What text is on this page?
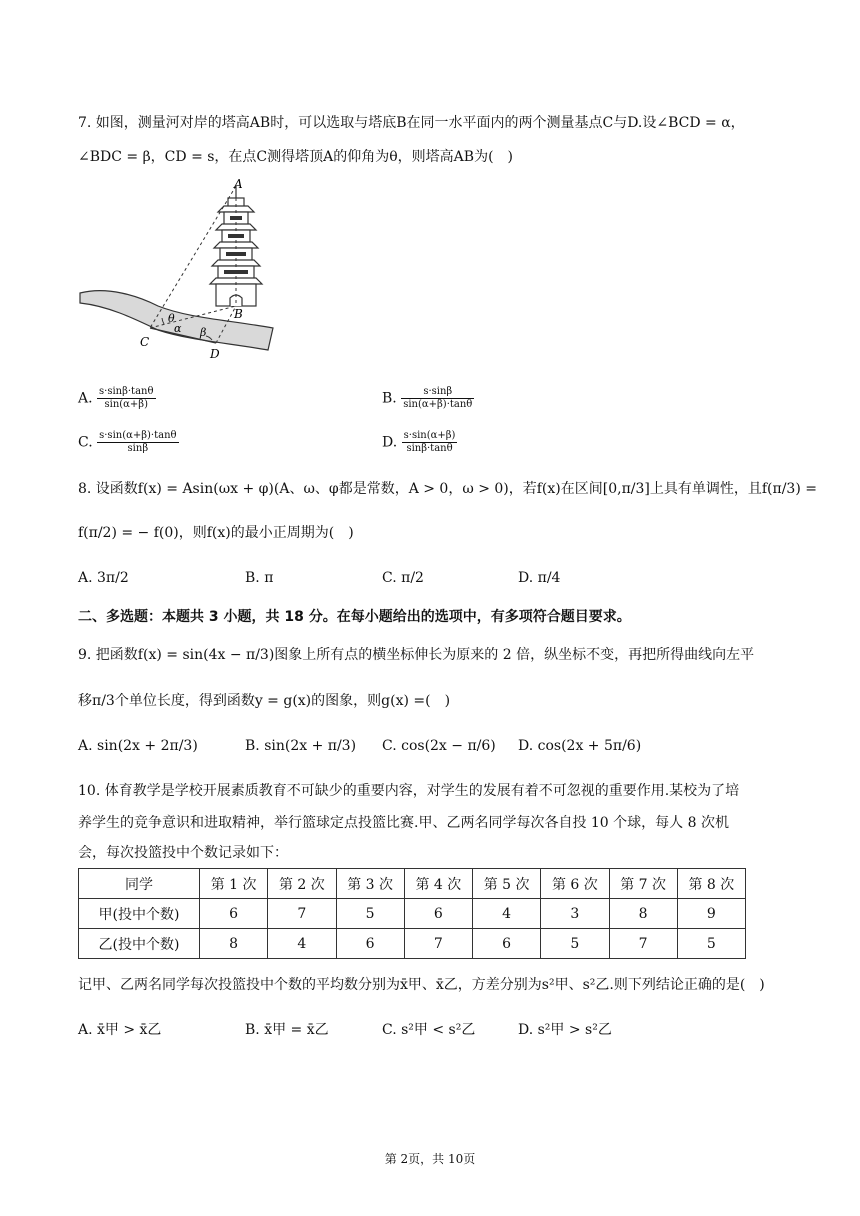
7. 如图，测量河对岸的塔高AB时，可以选取与塔底B在同一水平面内的两个测量基点C与D.设∠BCD = α，
∠BDC = β，CD = s，在点C测得塔顶A的仰角为θ，则塔高AB为(　)
A
B
C
D
θ
α β
A. $\frac{s\cdot\sin\beta\cdot\tan\theta}{\sin(\alpha+\beta)}$	B. $\frac{s\cdot\sin\beta}{\sin(\alpha+\beta)\cdot\tan\theta}$
C. $\frac{s\cdot\sin(\alpha+\beta)\cdot\tan\theta}{\sin\beta}$	D. $\frac{s\cdot\sin(\alpha+\beta)}{\sin\beta\cdot\tan\theta}$
8. 设函数f(x) = Asin(ωx + φ)(A、ω、φ都是常数，A > 0，ω > 0)，若f(x)在区间[0,π/3]上具有单调性，且f(π/3) =
f(π/2) = − f(0)，则f(x)的最小正周期为(　)
A. 3π/2	B. π	C. π/2	D. π/4
二、多选题：本题共 3 小题，共 18 分。在每小题给出的选项中，有多项符合题目要求。
9. 把函数f(x) = sin(4x − π/3)图象上所有点的横坐标伸长为原来的 2 倍，纵坐标不变，再把所得曲线向左平
移π/3个单位长度，得到函数y = g(x)的图象，则g(x) =(　)
A. sin(2x + 2π/3)	B. sin(2x + π/3) C. cos(2x − π/6) D. cos(2x + 5π/6)
10. 体育教学是学校开展素质教育不可缺少的重要内容，对学生的发展有着不可忽视的重要作用.某校为了培
养学生的竞争意识和进取精神，举行篮球定点投篮比赛.甲、乙两名同学每次各自投 10 个球，每人 8 次机
会，每次投篮投中个数记录如下：
同学	第 1 次	第 2 次	第 3 次	第 4 次	第 5 次	第 6 次	第 7 次	第 8 次
甲(投中个数)	6	7	5	6	4	3	8	9
乙(投中个数)	8	4	6	7	6	5	7	5
记甲、乙两名同学每次投篮投中个数的平均数分别为x̄甲、x̄乙，方差分别为s²甲、s²乙.则下列结论正确的是(　)
A. x̄甲 > x̄乙	B. x̄甲 = x̄乙	C. s²甲 < s²乙	D. s²甲 > s²乙
第 2页，共 10页
